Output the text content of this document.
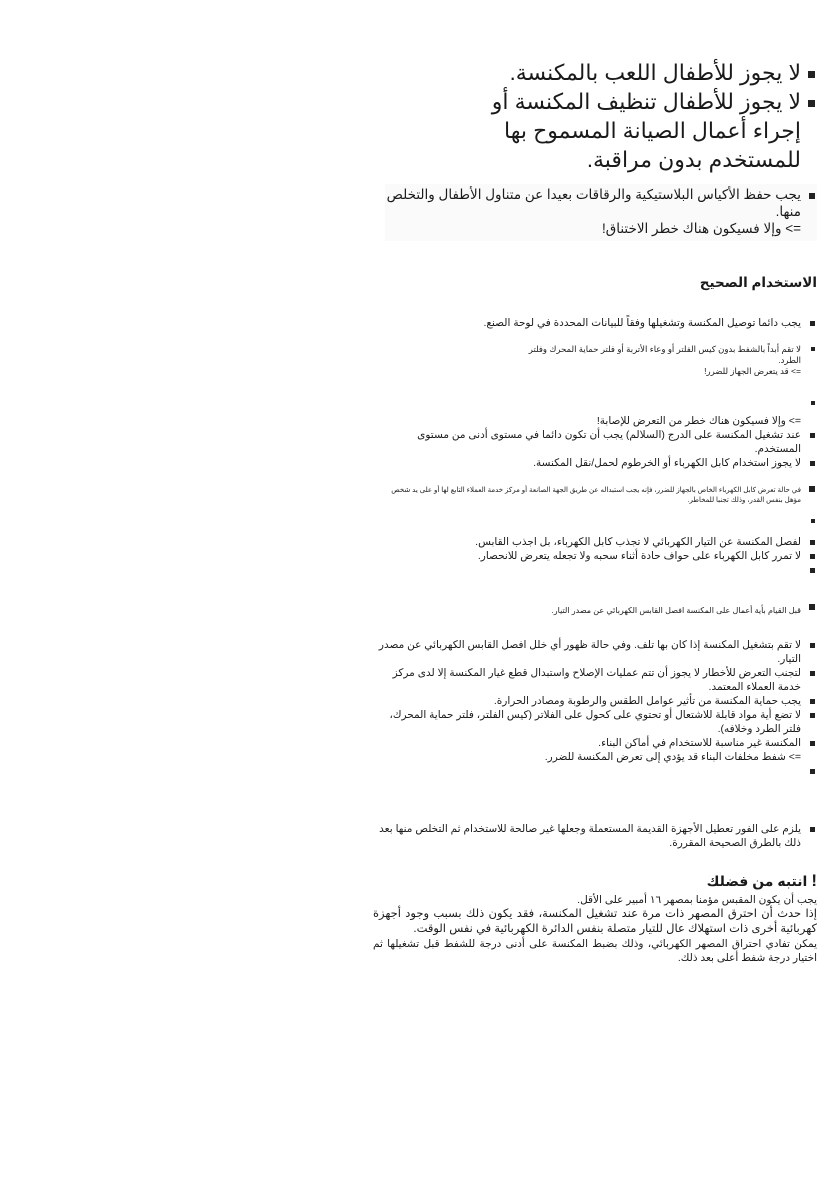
لا يجوز للأطفال اللعب بالمكنسة.
لا يجوز للأطفال تنظيف المكنسة أو إجراء أعمال الصيانة المسموح بها للمستخدم بدون مراقبة.
يجب حفظ الأكياس البلاستيكية والرقاقات بعيدا عن متناول الأطفال والتخلص منها.
=> وإلا فسيكون هناك خطر الاختناق!
الاستخدام الصحيح
يجب دائما توصيل المكنسة وتشغيلها وفقاً للبيانات المحددة في لوحة الصنع.
لا تقم أبداً بالشفط بدون كيس الفلتر أو وعاء الأتربة أو فلتر حماية المحرك وفلتر الطرد.
=> قد يتعرض الجهاز للضرر!
=> وإلا فسيكون هناك خطر من التعرض للإصابة!
عند تشغيل المكنسة على الدرج (السلالم) يجب أن تكون دائما في مستوى أدنى من مستوى المستخدم.
لا يجوز استخدام كابل الكهرباء أو الخرطوم لحمل/نقل المكنسة.
في حالة تعرض كابل الكهرباء الخاص بالجهاز للضرر، فإنه يجب استبداله عن طريق الجهة الصانعة أو مركز خدمة العملاء التابع لها أو على يد شخص مؤهل بنفس القدر، وذلك تجنبا للمخاطر.
لفصل المكنسة عن التيار الكهربائي لا تجذب كابل الكهرباء، بل اجذب القابس.
لا تمرر كابل الكهرباء على حواف حادة أثناء سحبه ولا تجعله يتعرض للانحصار.
قبل القيام بأية أعمال على المكنسة افصل القابس الكهربائي عن مصدر التيار.
لا تقم بتشغيل المكنسة إذا كان بها تلف. وفي حالة ظهور أي خلل افصل القابس الكهربائي عن مصدر التيار.
لتجنب التعرض للأخطار لا يجوز أن تتم عمليات الإصلاح واستبدال قطع غيار المكنسة إلا لدى مركز خدمة العملاء المعتمد.
يجب حماية المكنسة من تأثير عوامل الطقس والرطوبة ومصادر الحرارة.
لا تضع أية مواد قابلة للاشتعال أو تحتوي على كحول على الفلاتر (كيس الفلتر، فلتر حماية المحرك، فلتر الطرد وخلافه).
المكنسة غير مناسبة للاستخدام في أماكن البناء.
=> شفط مخلفات البناء قد يؤدي إلى تعرض المكنسة للضرر.
يلزم على الفور تعطيل الأجهزة القديمة المستعملة وجعلها غير صالحة للاستخدام ثم التخلص منها بعد ذلك بالطرق الصحيحة المقررة.
!انتبه من فضلك

يجب أن يكون المقبس مؤمنا بمصهر ١٦ أمبير على الأقل.

إذا حدث أن احترق المصهر ذات مرة عند تشغيل المكنسة، فقد يكون ذلك بسبب وجود أجهزة كهربائية أخرى ذات استهلاك عال للتيار متصلة بنفس الدائرة الكهربائية في نفس الوقت.

يمكن تفادي احتراق المصهر الكهربائي، وذلك بضبط المكنسة على أدنى درجة للشفط قبل تشغيلها ثم اختيار درجة شفط أعلى بعد ذلك.
